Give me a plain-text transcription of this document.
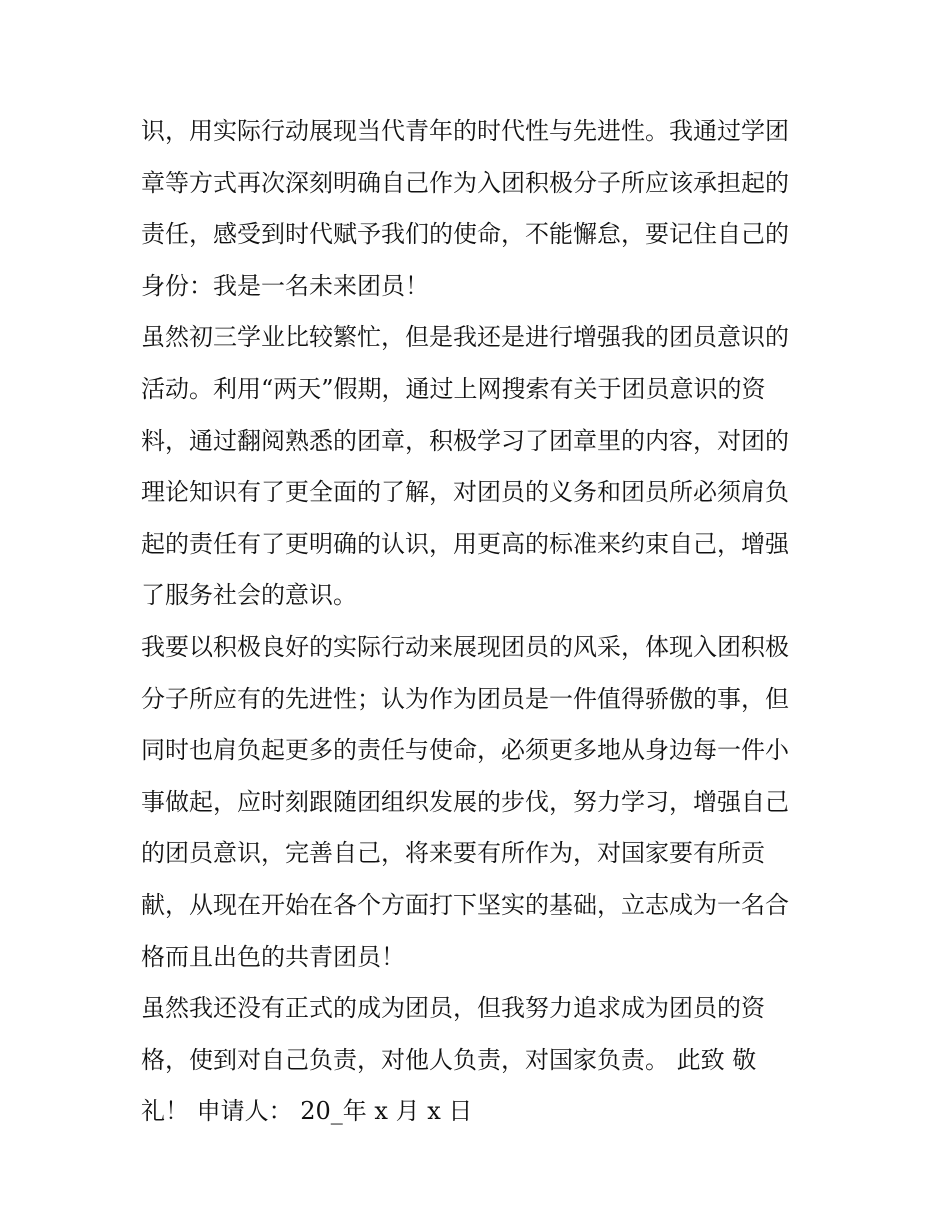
识，用实际行动展现当代青年的时代性与先进性。我通过学团
章等方式再次深刻明确自己作为入团积极分子所应该承担起的
责任，感受到时代赋予我们的使命，不能懈怠，要记住自己的
身份：我是一名未来团员！
虽然初三学业比较繁忙，但是我还是进行增强我的团员意识的
活动。利用“两天”假期，通过上网搜索有关于团员意识的资
料，通过翻阅熟悉的团章，积极学习了团章里的内容，对团的
理论知识有了更全面的了解，对团员的义务和团员所必须肩负
起的责任有了更明确的认识，用更高的标准来约束自己，增强
了服务社会的意识。
我要以积极良好的实际行动来展现团员的风采，体现入团积极
分子所应有的先进性；认为作为团员是一件值得骄傲的事，但
同时也肩负起更多的责任与使命，必须更多地从身边每一件小
事做起，应时刻跟随团组织发展的步伐，努力学习，增强自己
的团员意识，完善自己，将来要有所作为，对国家要有所贡
献，从现在开始在各个方面打下坚实的基础，立志成为一名合
格而且出色的共青团员！
虽然我还没有正式的成为团员，但我努力追求成为团员的资
格，使到对自己负责，对他人负责，对国家负责。 此致 敬
礼！ 申请人： 20_年 x 月 x 日
